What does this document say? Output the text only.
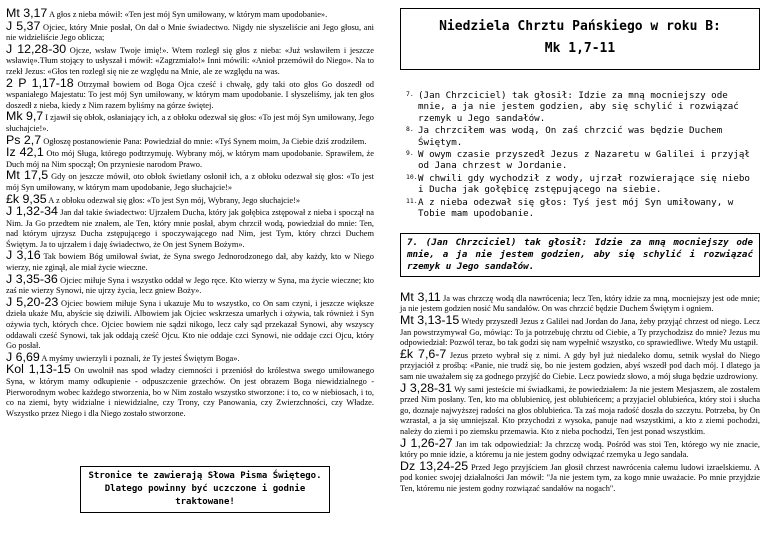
Mt 3,17 A głos z nieba mówił: «Ten jest mój Syn umiłowany, w którym mam upodobanie».

J 5,37 Ojciec, który Mnie posłał, On dał o Mnie świadectwo. Nigdy nie słyszeliście ani Jego głosu, ani nie widzieliście Jego oblicza;

J 12,28-30 Ojcze, wsław Twoje imię!». Wtem rozległ się głos z nieba: «Już wsławiłem i jeszcze wsławię».Tłum stojący to usłyszał i mówił: «Zagrzmiało!» Inni mówili: «Anioł przemówił do Niego». Na to rzekł Jezus: «Głos ten rozległ się nie ze względu na Mnie, ale ze względu na was.

2 P 1,17-18 Otrzymał bowiem od Boga Ojca cześć i chwałę, gdy taki oto głos Go doszedł od wspaniałego Majestatu: To jest mój Syn umiłowany, w którym mam upodobanie. I słyszeliśmy, jak ten głos doszedł z nieba, kiedy z Nim razem byliśmy na górze świętej.

Mk 9,7 I zjawił się obłok, osłaniający ich, a z obłoku odezwał się głos: «To jest mój Syn umiłowany, Jego słuchajcie!».

Ps 2,7 Ogłoszę postanowienie Pana: Powiedział do mnie: «Tyś Synem moim, Ja Ciebie dziś zrodziłem.

Iz 42,1 Oto mój Sługa, którego podtrzymuję. Wybrany mój, w którym mam upodobanie. Sprawiłem, że Duch mój na Nim spoczął; On przyniesie narodom Prawo.

Mt 17,5 Gdy on jeszcze mówił, oto obłok świetlany osłonił ich, a z obłoku odezwał się głos: «To jest mój Syn umiłowany, w którym mam upodobanie, Jego słuchajcie!»

£k 9,35 A z obłoku odezwał się głos: «To jest Syn mój, Wybrany, Jego słuchajcie!»

J 1,32-34 Jan dał takie świadectwo: Ujrzałem Ducha, który jak gołębica zstępował z nieba i spoczął na Nim. Ja Go przedtem nie znałem, ale Ten, który mnie posłał, abym chrzcił wodą, powiedział do mnie: Ten, nad którym ujrzysz Ducha zstępującego i spoczywającego nad Nim, jest Tym, który chrzci Duchem Świętym. Ja to ujrzałem i daję świadectwo, że On jest Synem Bożym».

J 3,16 Tak bowiem Bóg umiłował świat, że Syna swego Jednorodzonego dał, aby każdy, kto w Niego wierzy, nie zginął, ale miał życie wieczne.

J 3,35-36 Ojciec miłuje Syna i wszystko oddał w Jego ręce. Kto wierzy w Syna, ma życie wieczne; kto zaś nie wierzy Synowi, nie ujrzy życia, lecz gniew Boży».

J 5,20-23 Ojciec bowiem miłuje Syna i ukazuje Mu to wszystko, co On sam czyni, i jeszcze większe dzieła ukaże Mu, abyście się dziwili. Albowiem jak Ojciec wskrzesza umarłych i ożywia, tak również i Syn ożywia tych, których chce. Ojciec bowiem nie sądzi nikogo, lecz cały sąd przekazał Synowi, aby wszyscy oddawali cześć Synowi, tak jak oddają cześć Ojcu. Kto nie oddaje czci Synowi, nie oddaje czci Ojcu, który Go posłał.

J 6,69 A myśmy uwierzyli i poznali, że Ty jesteś Świętym Boga».

Kol 1,13-15 On uwolnił nas spod władzy ciemności i przeniósł do królestwa swego umiłowanego Syna, w którym mamy odkupienie - odpuszczenie grzechów. On jest obrazem Boga niewidzialnego - Pierworodnym wobec każdego stworzenia, bo w Nim zostało wszystko stworzone: i to, co w niebiosach, i to, co na ziemi, byty widzialne i niewidzialne, czy Trony, czy Panowania, czy Zwierzchności, czy Władze. Wszystko przez Niego i dla Niego zostało stworzone.

Stronice te zawierają Słowa Pisma Świętego.
Dlatego powinny być uczczone i godnie traktowane!
Niedziela Chrztu Pańskiego w roku B:
Mk 1,7-11
7. (Jan Chrzciciel) tak głosił: Idzie za mną mocniejszy ode mnie, a ja nie jestem godzien, aby się schylić i rozwiązać rzemyk u Jego sandałów.
8. Ja chrzciłem was wodą, On zaś chrzcić was będzie Duchem Świętym.
9. W owym czasie przyszedł Jezus z Nazaretu w Galilei i przyjął od Jana chrzest w Jordanie.
10. W chwili gdy wychodził z wody, ujrzał rozwierające się niebo i Ducha jak gołębicę zstępującego na siebie.
11. A z nieba odezwał się głos: Tyś jest mój Syn umiłowany, w Tobie mam upodobanie.
7. (Jan Chrzciciel) tak głosił: Idzie za mną mocniejszy ode mnie, a ja nie jestem godzien, aby się schylić i rozwiązać rzemyk u Jego sandałów.

Mt 3,11 Ja was chrzczę wodą dla nawrócenia; lecz Ten, który idzie za mną, mocniejszy jest ode mnie; ja nie jestem godzien nosić Mu sandałów. On was chrzcić będzie Duchem Świętym i ogniem.

Mt 3,13-15 Wtedy przyszedł Jezus z Galilei nad Jordan do Jana, żeby przyjąć chrzest od niego. Lecz Jan powstrzymywał Go, mówiąc: To ja potrzebuję chrztu od Ciebie, a Ty przychodzisz do mnie? Jezus mu odpowiedział: Pozwól teraz, bo tak godzi się nam wypełnić wszystko, co sprawiedliwe. Wtedy Mu ustąpił.

£k 7,6-7 Jezus przeto wybrał się z nimi. A gdy był już niedaleko domu, setnik wysłał do Niego przyjaciół z prośbą: «Panie, nie trudź się, bo nie jestem godzien, abyś wszedł pod dach mój. I dlatego ja sam nie uważałem się za godnego przyjść do Ciebie. Lecz powiedz słowo, a mój sługa będzie uzdrowiony.

J 3,28-31 Wy sami jesteście mi świadkami, że powiedziałem: Ja nie jestem Mesjaszem, ale zostałem przed Nim posłany. Ten, kto ma oblubienicę, jest oblubieńcem; a przyjaciel oblubieńca, który stoi i słucha go, doznaje najwyższej radości na głos oblubieńca. Ta zaś moja radość doszła do szczytu. Potrzeba, by On wzrastał, a ja się umniejszał. Kto przychodzi z wysoka, panuje nad wszystkimi, a kto z ziemi pochodzi, należy do ziemi i po ziemsku przemawia. Kto z nieba pochodzi, Ten jest ponad wszystkim.

J 1,26-27 Jan im tak odpowiedział: Ja chrzczę wodą. Pośród was stoi Ten, którego wy nie znacie, który po mnie idzie, a któremu ja nie jestem godny odwiązać rzemyka u Jego sandała.

Dz 13,24-25 Przed Jego przyjściem Jan głosił chrzest nawrócenia całemu ludowi izraelskiemu. A pod koniec swojej działalności Jan mówił: "Ja nie jestem tym, za kogo mnie uważacie. Po mnie przyjdzie Ten, któremu nie jestem godny rozwiązać sandałów na nogach".
